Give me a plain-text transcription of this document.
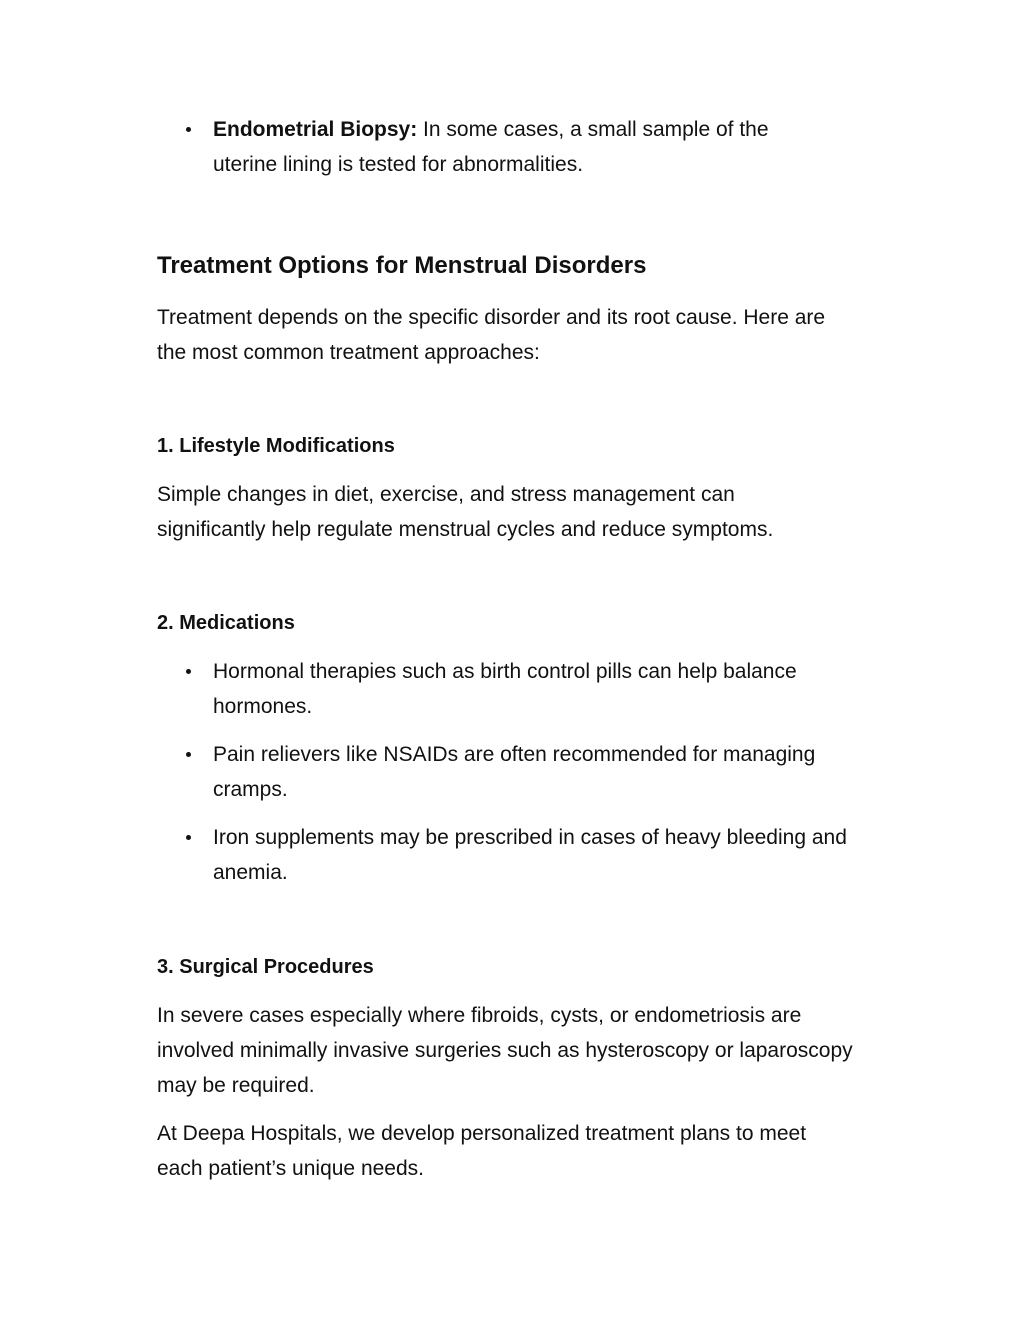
Endometrial Biopsy: In some cases, a small sample of the uterine lining is tested for abnormalities.
Treatment Options for Menstrual Disorders

Treatment depends on the specific disorder and its root cause. Here are the most common treatment approaches:

1. Lifestyle Modifications

Simple changes in diet, exercise, and stress management can significantly help regulate menstrual cycles and reduce symptoms.

2. Medications
Hormonal therapies such as birth control pills can help balance hormones.
Pain relievers like NSAIDs are often recommended for managing cramps.
Iron supplements may be prescribed in cases of heavy bleeding and anemia.
3. Surgical Procedures

In severe cases especially where fibroids, cysts, or endometriosis are involved minimally invasive surgeries such as hysteroscopy or laparoscopy may be required.

At Deepa Hospitals, we develop personalized treatment plans to meet each patient’s unique needs.
